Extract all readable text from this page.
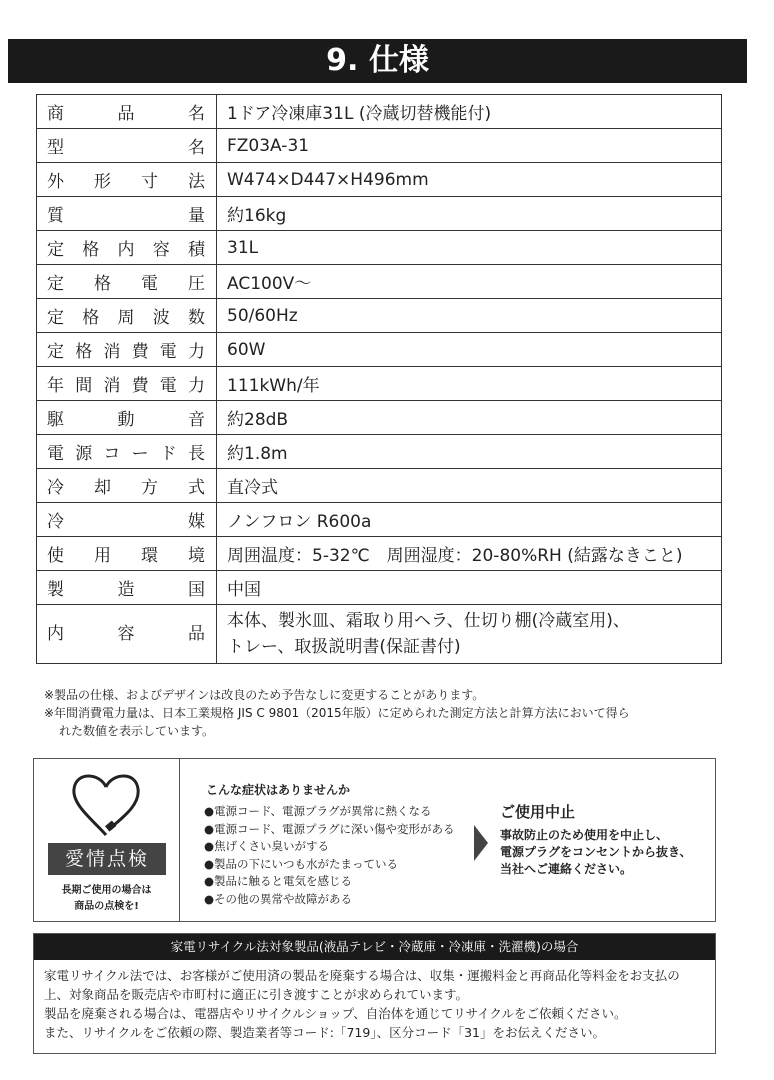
9. 仕様
商品名	1ドア冷凍庫31L (冷蔵切替機能付)
型名	FZ03A-31
外形寸法	W474×D447×H496mm
質量	約16kg
定格内容積	31L
定格電圧	AC100V〜
定格周波数	50/60Hz
定格消費電力	60W
年間消費電力	111kWh/年
駆動音	約28dB
電源コード長	約1.8m
冷却方式	直冷式
冷媒	ノンフロン R600a
使用環境	周囲温度：5-32℃　周囲湿度：20-80%RH (結露なきこと)
製造国	中国
内容品	本体、製氷皿、霜取り用ヘラ、仕切り棚(冷蔵室用)、
トレー、取扱説明書(保証書付)
※製品の仕様、およびデザインは改良のため予告なしに変更することがあります。
※年間消費電力量は、日本工業規格 JIS C 9801（2015年版）に定められた測定方法と計算方法において得ら
れた数値を表示しています。
愛情点検
長期ご使用の場合は
商品の点検を!
こんな症状はありませんか
●電源コード、電源プラグが異常に熱くなる
●電源コード、電源プラグに深い傷や変形がある
●焦げくさい臭いがする
●製品の下にいつも水がたまっている
●製品に触ると電気を感じる
●その他の異常や故障がある
ご使用中止
事故防止のため使用を中止し、
電源プラグをコンセントから抜き、
当社へご連絡ください。
家電リサイクル法対象製品(液晶テレビ・冷蔵庫・冷凍庫・洗濯機)の場合
家電リサイクル法では、お客様がご使用済の製品を廃棄する場合は、収集・運搬料金と再商品化等料金をお支払の
上、対象商品を販売店や市町村に適正に引き渡すことが求められています。
製品を廃棄される場合は、電器店やリサイクルショップ、自治体を通じてリサイクルをご依頼ください。
また、リサイクルをご依頼の際、製造業者等コード:「719」、区分コード「31」をお伝えください。
